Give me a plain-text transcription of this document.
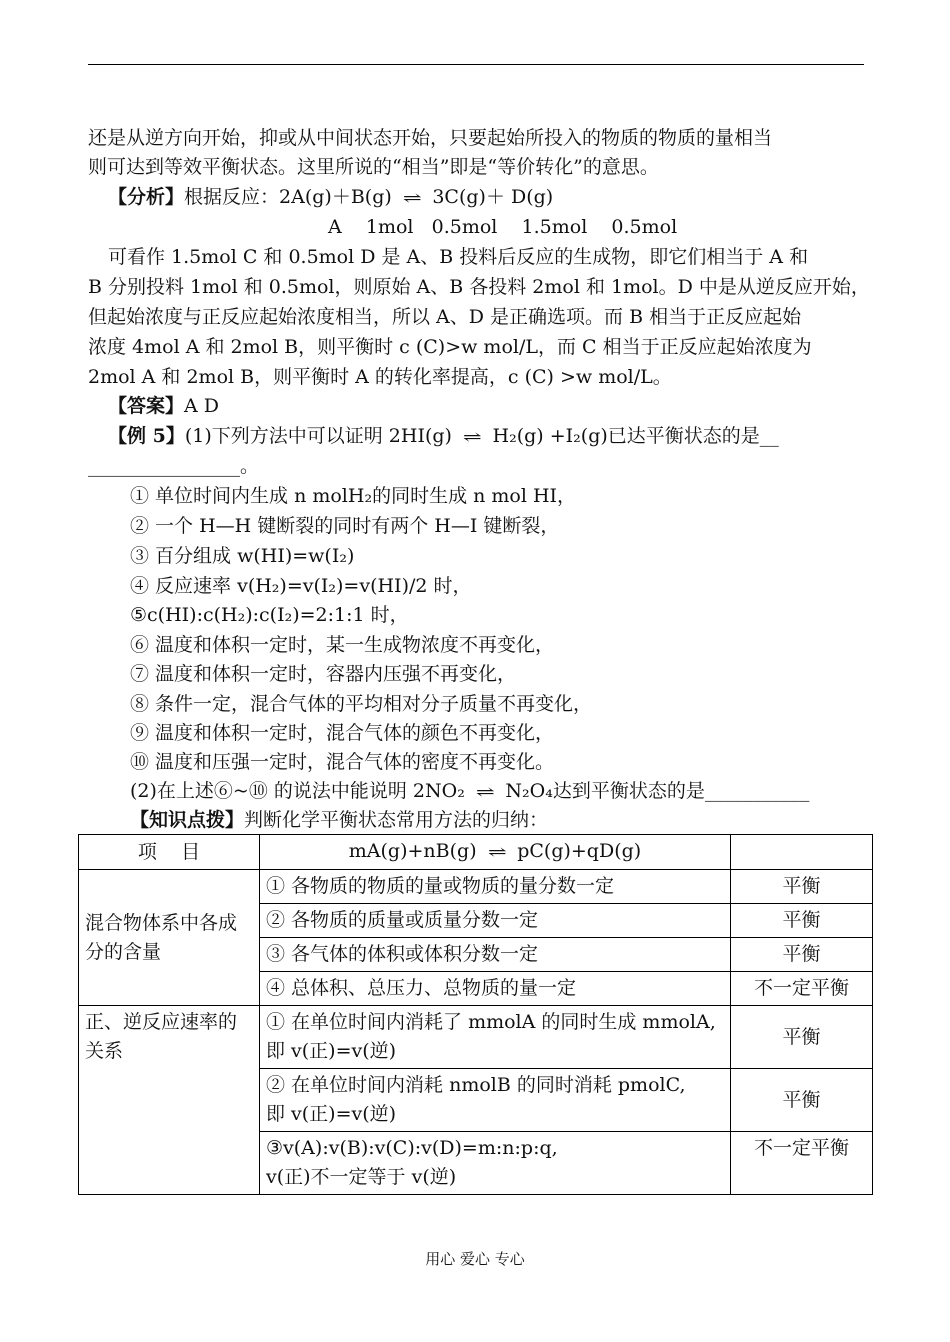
还是从逆方向开始，抑或从中间状态开始，只要起始所投入的物质的物质的量相当
则可达到等效平衡状态。这里所说的“相当”即是“等价转化”的意思。
【分析】根据反应：2A(g)＋B(g) ⇌ 3C(g)＋ D(g)
A    1mol   0.5mol    1.5mol    0.5mol
可看作 1.5mol C 和 0.5mol D 是 A、B 投料后反应的生成物，即它们相当于 A 和
B 分别投料 1mol 和 0.5mol，则原始 A、B 各投料 2mol 和 1mol。D 中是从逆反应开始，
但起始浓度与正反应起始浓度相当，所以 A、D 是正确选项。而 B 相当于正反应起始
浓度 4mol A 和 2mol B，则平衡时 c (C)>w mol/L，而 C 相当于正反应起始浓度为
2mol A 和 2mol B，则平衡时 A 的转化率提高，c (C) >w mol/L。
【答案】A D
【例 5】(1)下列方法中可以证明 2HI(g) ⇌ H₂(g) +I₂(g)已达平衡状态的是__
________________。
① 单位时间内生成 n molH₂的同时生成 n mol HI，
② 一个 H—H 键断裂的同时有两个 H—I 键断裂，
③ 百分组成 w(HI)=w(I₂)
④ 反应速率 v(H₂)=v(I₂)=v(HI)/2 时，
⑤c(HI):c(H₂):c(I₂)=2:1:1 时，
⑥ 温度和体积一定时，某一生成物浓度不再变化，
⑦ 温度和体积一定时，容器内压强不再变化，
⑧ 条件一定，混合气体的平均相对分子质量不再变化，
⑨ 温度和体积一定时，混合气体的颜色不再变化，
⑩ 温度和压强一定时，混合气体的密度不再变化。
(2)在上述⑥~⑩ 的说法中能说明 2NO₂ ⇌ N₂O₄达到平衡状态的是___________
【知识点拨】判断化学平衡状态常用方法的归纳：
项    目	mA(g)+nB(g) ⇌ pC(g)+qD(g)	
混合物体系中各成分的含量	① 各物质的物质的量或物质的量分数一定	平衡
	② 各物质的质量或质量分数一定	平衡
	③ 各气体的体积或体积分数一定	平衡
	④ 总体积、总压力、总物质的量一定	不一定平衡
正、逆反应速率的关系	① 在单位时间内消耗了 mmolA 的同时生成 mmolA,
即 v(正)=v(逆)	平衡

	② 在单位时间内消耗 nmolB 的同时消耗 pmolC,
即 v(正)=v(逆)	平衡

	③v(A):v(B):v(C):v(D)=m:n:p:q,
v(正)不一定等于 v(逆)	不一定平衡
用心 爱心 专心
